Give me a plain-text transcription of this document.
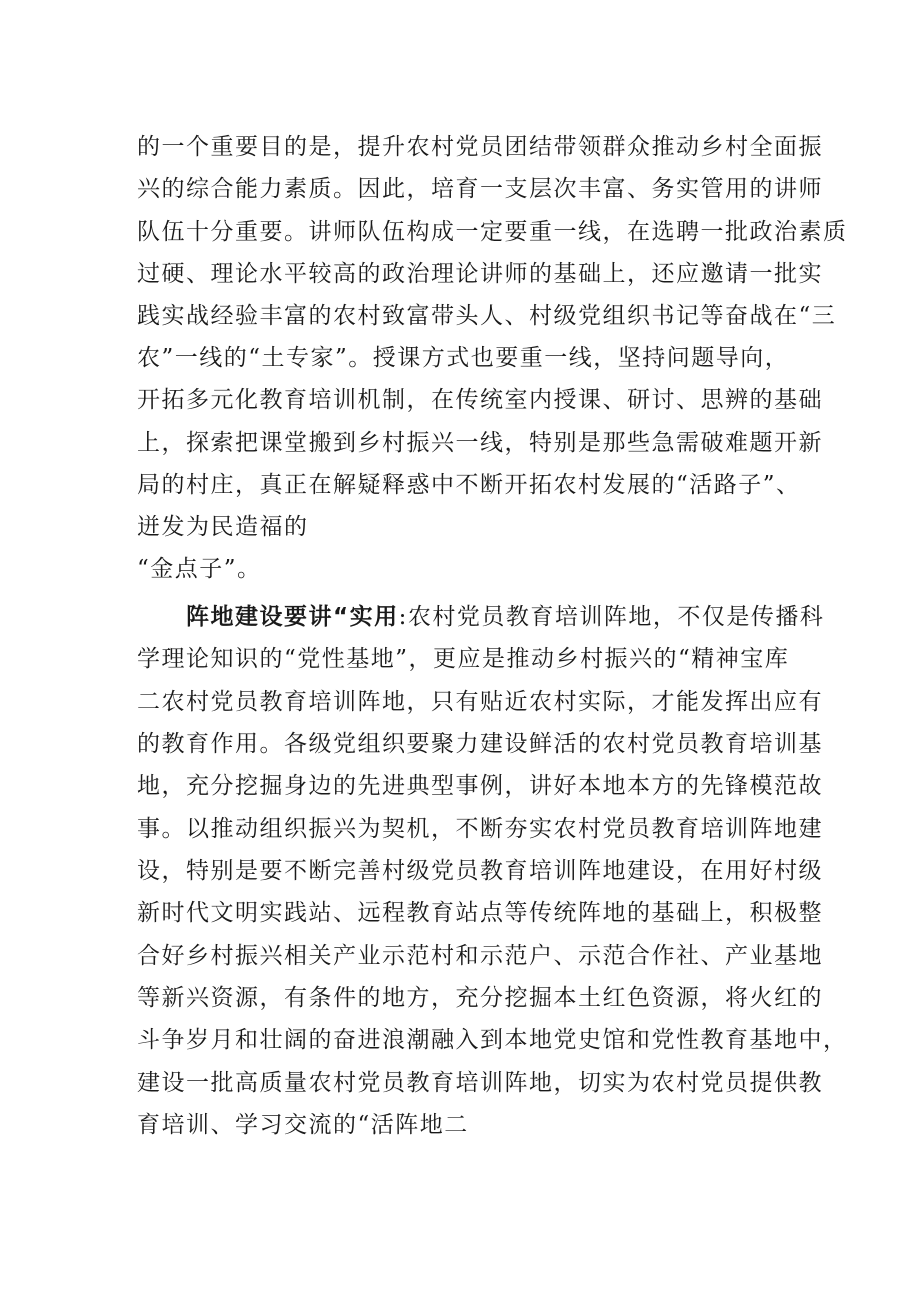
的一个重要目的是，提升农村党员团结带领群众推动乡村全面振
兴的综合能力素质。因此，培育一支层次丰富、务实管用的讲师
队伍十分重要。讲师队伍构成一定要重一线，在选聘一批政治素质
过硬、理论水平较高的政治理论讲师的基础上，还应邀请一批实
践实战经验丰富的农村致富带头人、村级党组织书记等奋战在“三
农”一线的“土专家”。授课方式也要重一线，坚持问题导向，
开拓多元化教育培训机制，在传统室内授课、研讨、思辨的基础
上，探索把课堂搬到乡村振兴一线，特别是那些急需破难题开新
局的村庄，真正在解疑释惑中不断开拓农村发展的“活路子”、
迸发为民造福的
“金点子”。
阵地建设要讲“实用:农村党员教育培训阵地，不仅是传播科
学理论知识的“党性基地”，更应是推动乡村振兴的“精神宝库
二农村党员教育培训阵地，只有贴近农村实际，才能发挥出应有
的教育作用。各级党组织要聚力建设鲜活的农村党员教育培训基
地，充分挖掘身边的先进典型事例，讲好本地本方的先锋模范故
事。以推动组织振兴为契机，不断夯实农村党员教育培训阵地建
设，特别是要不断完善村级党员教育培训阵地建设，在用好村级
新时代文明实践站、远程教育站点等传统阵地的基础上，积极整
合好乡村振兴相关产业示范村和示范户、示范合作社、产业基地
等新兴资源，有条件的地方，充分挖掘本土红色资源，将火红的
斗争岁月和壮阔的奋进浪潮融入到本地党史馆和党性教育基地中，
建设一批高质量农村党员教育培训阵地，切实为农村党员提供教
育培训、学习交流的“活阵地二
